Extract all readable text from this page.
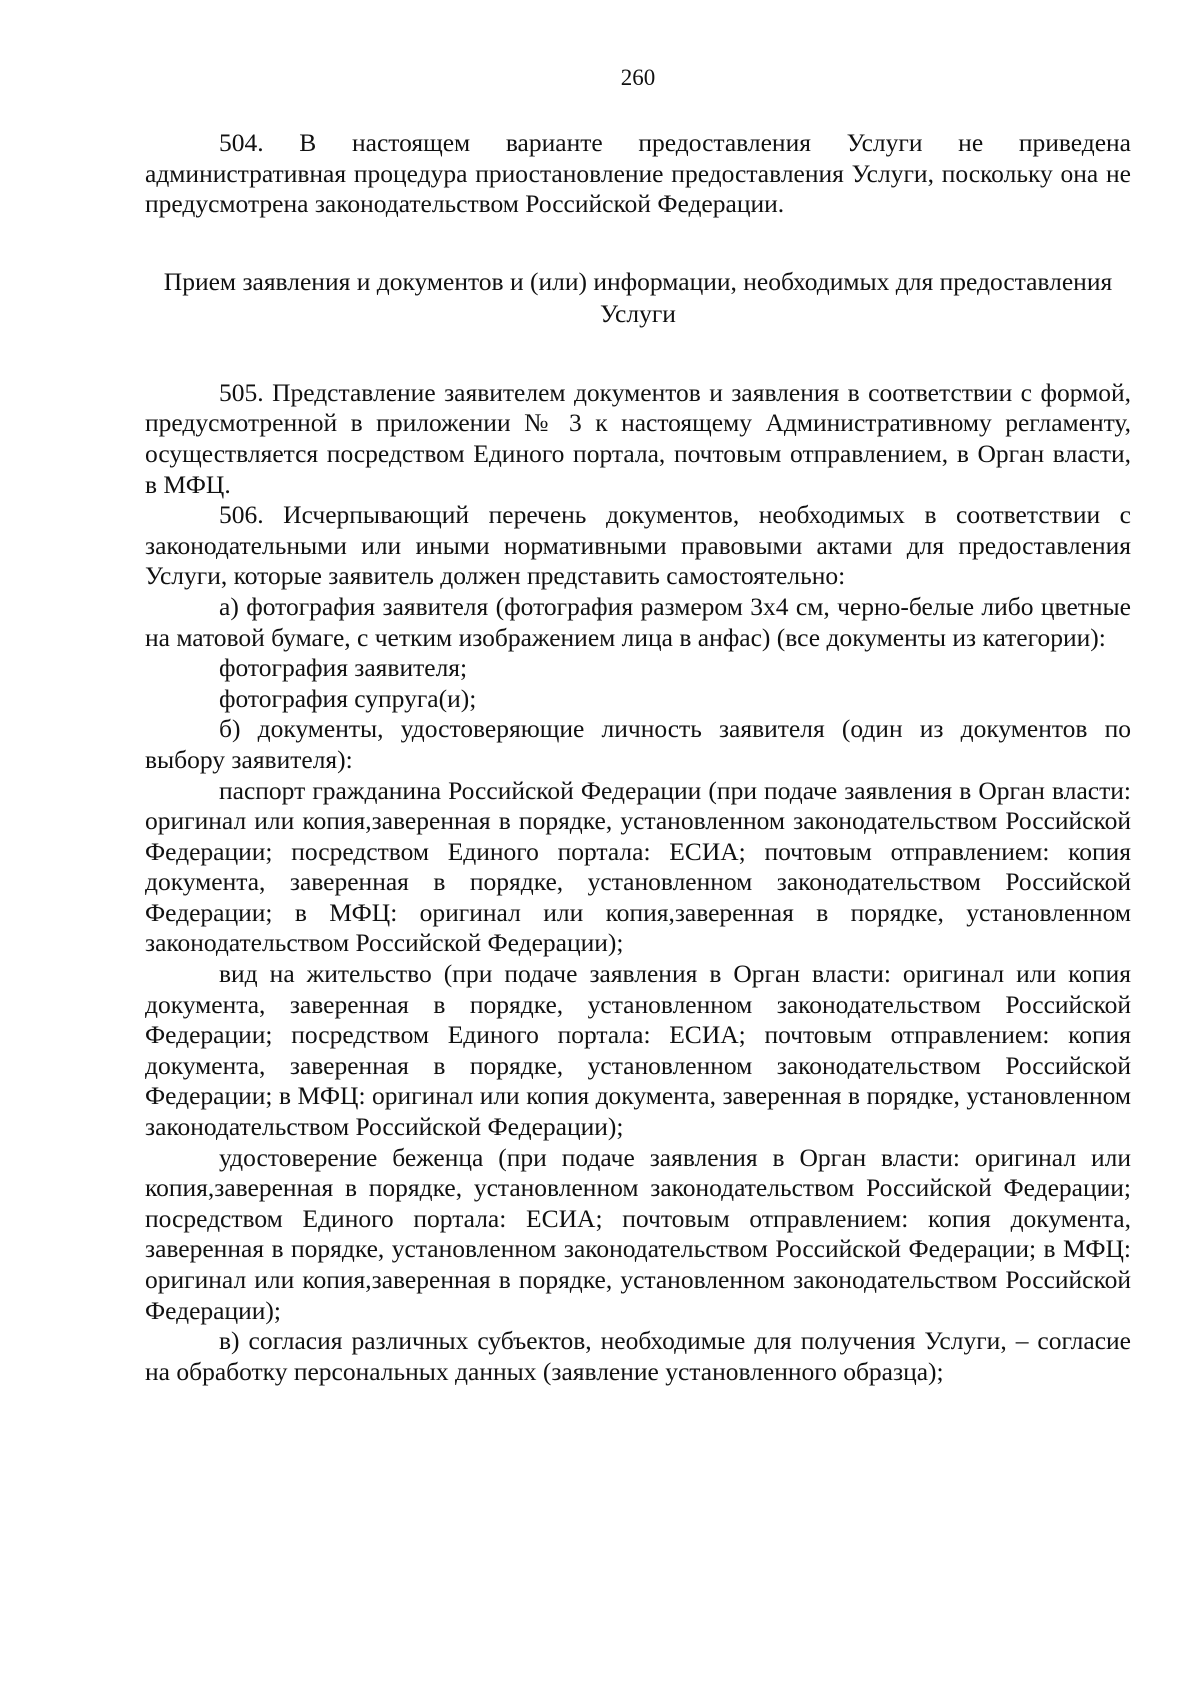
260

504. В настоящем варианте предоставления Услуги не приведена административная процедура приостановление предоставления Услуги, поскольку она не предусмотрена законодательством Российской Федерации.

Прием заявления и документов и (или) информации, необходимых для предоставления Услуги

505. Представление заявителем документов и заявления в соответствии с формой, предусмотренной в приложении № 3 к настоящему Административному регламенту, осуществляется посредством Единого портала, почтовым отправлением, в Орган власти, в МФЦ.

506. Исчерпывающий перечень документов, необходимых в соответствии с законодательными или иными нормативными правовыми актами для предоставления Услуги, которые заявитель должен представить самостоятельно:

а) фотография заявителя (фотография размером 3х4 см, черно-белые либо цветные на матовой бумаге, с четким изображением лица в анфас) (все документы из категории):

фотография заявителя;

фотография супруга(и);

б) документы, удостоверяющие личность заявителя (один из документов по выбору заявителя):

паспорт гражданина Российской Федерации (при подаче заявления в Орган власти: оригинал или копия,заверенная в порядке, установленном законодательством Российской Федерации; посредством Единого портала: ЕСИА; почтовым отправлением: копия документа, заверенная в порядке, установленном законодательством Российской Федерации; в МФЦ: оригинал или копия,заверенная в порядке, установленном законодательством Российской Федерации);

вид на жительство (при подаче заявления в Орган власти: оригинал или копия документа, заверенная в порядке, установленном законодательством Российской Федерации; посредством Единого портала: ЕСИА; почтовым отправлением: копия документа, заверенная в порядке, установленном законодательством Российской Федерации; в МФЦ: оригинал или копия документа, заверенная в порядке, установленном законодательством Российской Федерации);

удостоверение беженца (при подаче заявления в Орган власти: оригинал или копия,заверенная в порядке, установленном законодательством Российской Федерации; посредством Единого портала: ЕСИА; почтовым отправлением: копия документа, заверенная в порядке, установленном законодательством Российской Федерации; в МФЦ: оригинал или копия,заверенная в порядке, установленном законодательством Российской Федерации);

в) согласия различных субъектов, необходимые для получения Услуги, – согласие на обработку персональных данных (заявление установленного образца);
